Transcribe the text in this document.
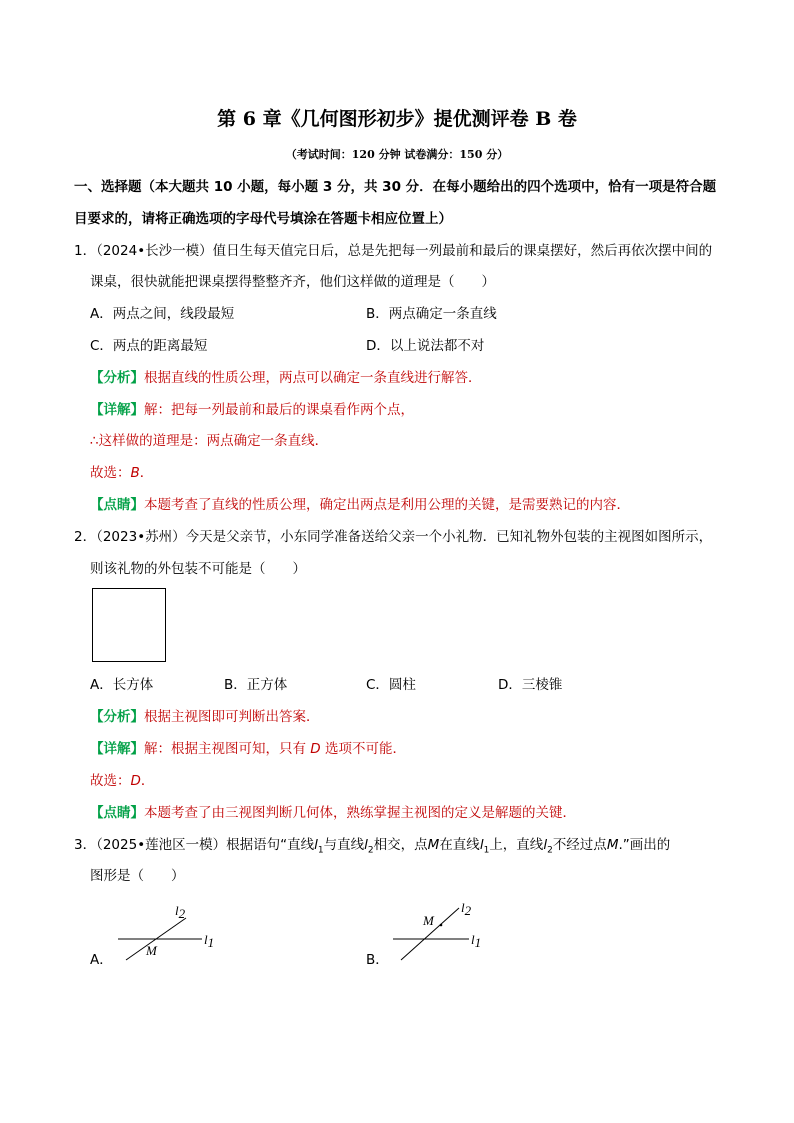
第 6 章《几何图形初步》提优测评卷 B 卷
（考试时间：120 分钟 试卷满分：150 分）
一、选择题（本大题共 10 小题，每小题 3 分，共 30 分．在每小题给出的四个选项中，恰有一项是符合题
目要求的，请将正确选项的字母代号填涂在答题卡相应位置上）
1．（2024•长沙一模）值日生每天值完日后，总是先把每一列最前和最后的课桌摆好，然后再依次摆中间的
课桌，很快就能把课桌摆得整整齐齐，他们这样做的道理是（　　）
A．两点之间，线段最短	B．两点确定一条直线
C．两点的距离最短	D．以上说法都不对
【 分析 】 根据直线的性质公理，两点可以确定一条直线进行解答．
【 详解 】 解：把每一列最前和最后的课桌看作两个点，
∴这样做的道理是：两点确定一条直线．
故选：B．
【 点睛 】 本题考查了直线的性质公理，确定出两点是利用公理的关键，是需要熟记的内容．
2．（2023•苏州）今天是父亲节，小东同学准备送给父亲一个小礼物．已知礼物外包装的主视图如图所示，
则该礼物的外包装不可能是（　　）
A．长方体	B．正方体	C．圆柱	D．三棱锥
【 分析 】 根据主视图即可判断出答案．
【 详解 】 解：根据主视图可知，只有 D 选项不可能．
故选：D．
【 点睛 】 本题考查了由三视图判断几何体，熟练掌握主视图的定义是解题的关键．
3．（2025•莲池区一模）根据语句“直线$l_1$与直线$l_2$相交，点M在直线$l_1$上，直线$l_2$不经过点M.”画出的
图形是（　　）
A．
l2
l1
M
B．
l2
l1
M
